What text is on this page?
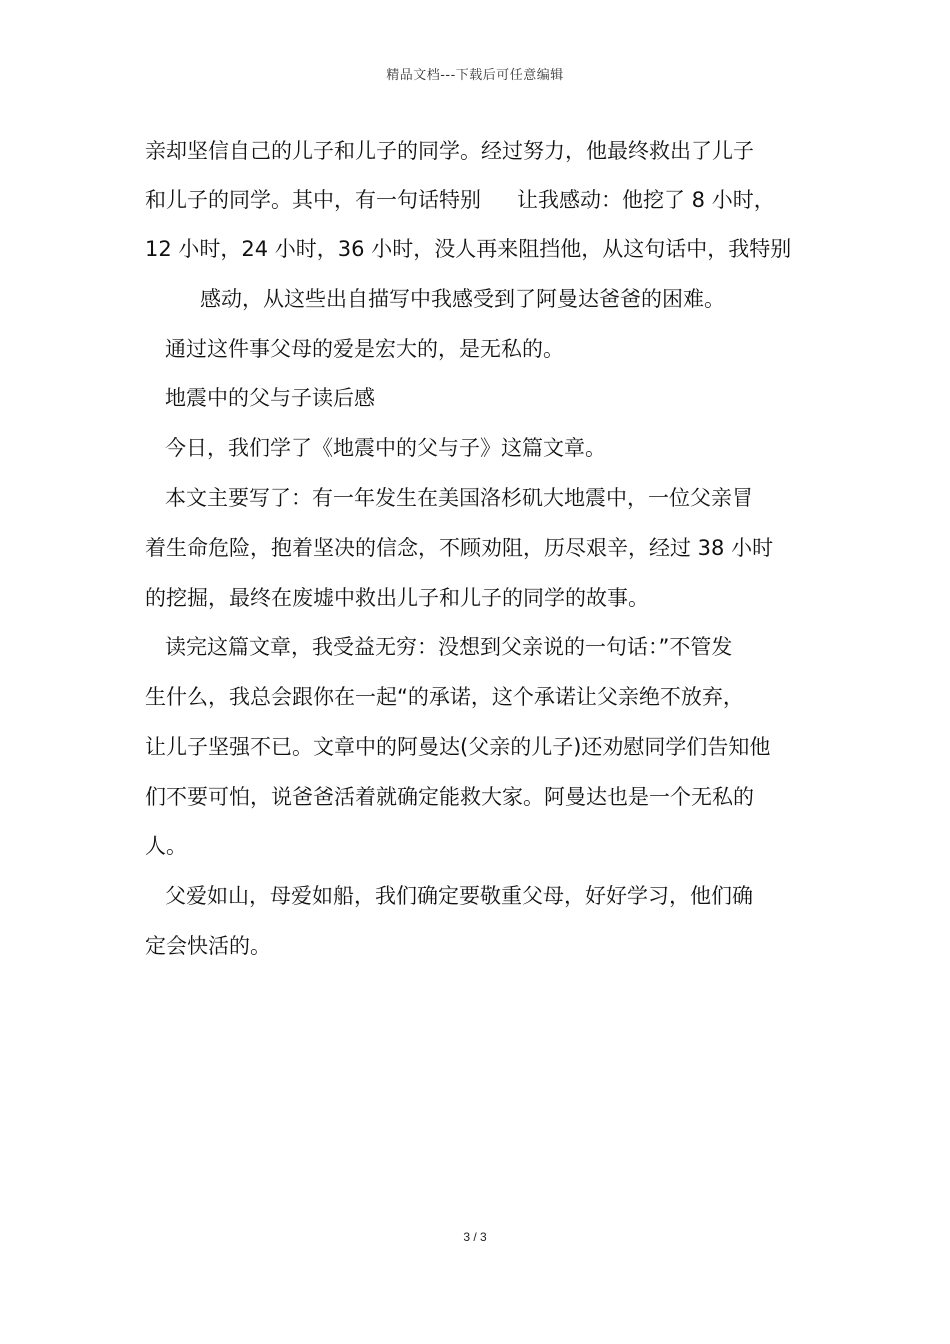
精品文档---下载后可任意编辑
亲却坚信自己的儿子和儿子的同学。经过努力，他最终救出了儿子
和儿子的同学。其中，有一句话特别 让我感动：他挖了 8 小时，
12 小时，24 小时，36 小时，没人再来阻挡他，从这句话中，我特别
感动，从这些出自描写中我感受到了阿曼达爸爸的困难。
通过这件事父母的爱是宏大的，是无私的。
地震中的父与子读后感
今日，我们学了《地震中的父与子》这篇文章。
本文主要写了：有一年发生在美国洛杉矶大地震中，一位父亲冒
着生命危险，抱着坚决的信念，不顾劝阻，历尽艰辛，经过 38 小时
的挖掘，最终在废墟中救出儿子和儿子的同学的故事。
读完这篇文章，我受益无穷：没想到父亲说的一句话：”不管发
生什么，我总会跟你在一起“的承诺，这个承诺让父亲绝不放弃，
让儿子坚强不已。文章中的阿曼达(父亲的儿子)还劝慰同学们告知他
们不要可怕，说爸爸活着就确定能救大家。阿曼达也是一个无私的
人。
父爱如山，母爱如船，我们确定要敬重父母，好好学习，他们确
定会快活的。
3 / 3
